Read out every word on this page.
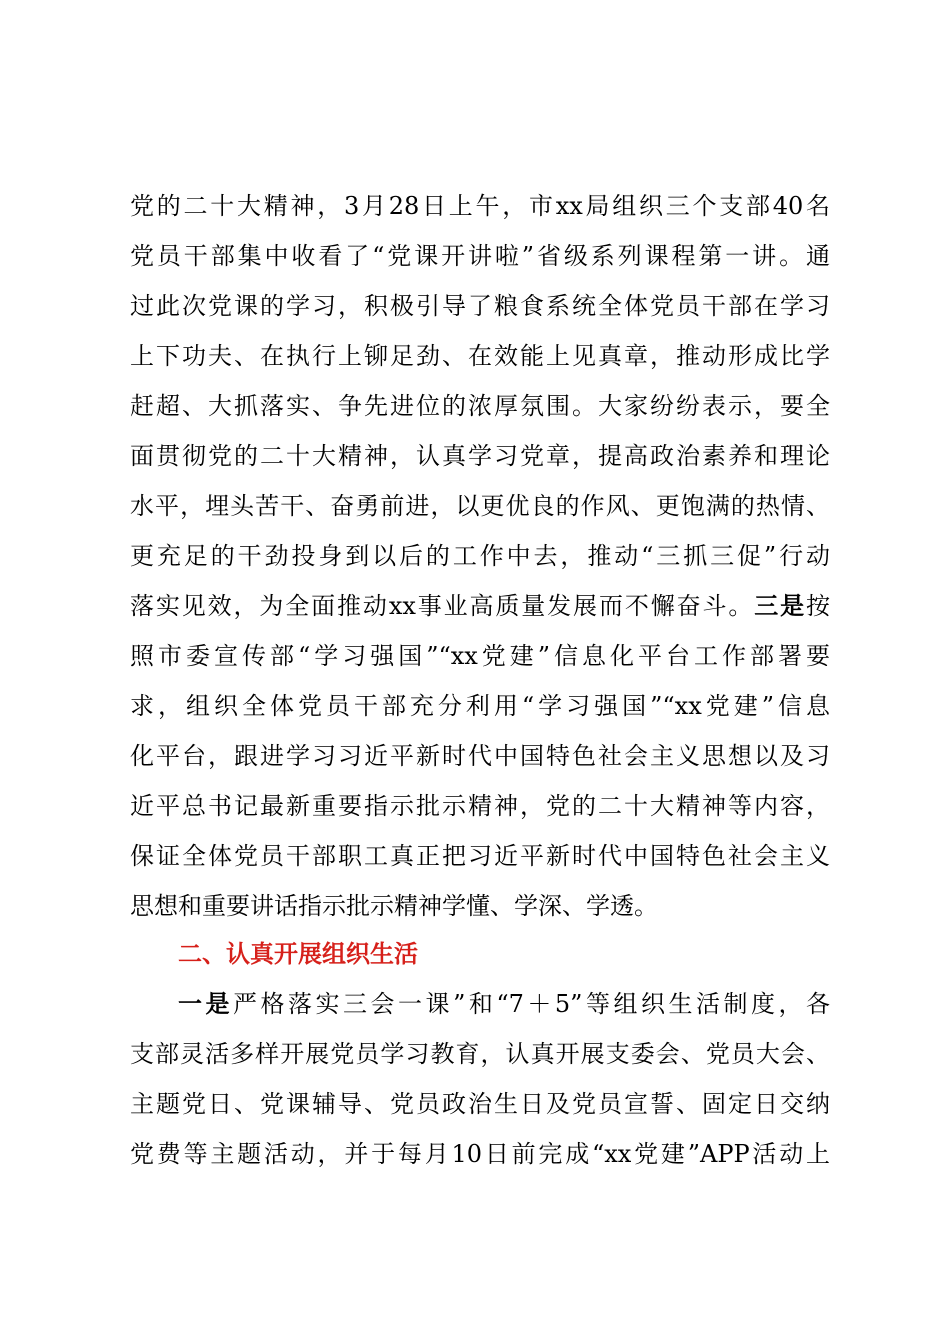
党的二十大精神，3月28日上午，市xx局组织三个支部40名
党员干部集中收看了“党课开讲啦”省级系列课程第一讲。通
过此次党课的学习，积极引导了粮食系统全体党员干部在学习
上下功夫、在执行上铆足劲、在效能上见真章，推动形成比学
赶超、大抓落实、争先进位的浓厚氛围。大家纷纷表示，要全
面贯彻党的二十大精神，认真学习党章，提高政治素养和理论
水平，埋头苦干、奋勇前进，以更优良的作风、更饱满的热情、
更充足的干劲投身到以后的工作中去，推动“三抓三促”行动
落实见效，为全面推动xx事业高质量发展而不懈奋斗。三是按
照市委宣传部“学习强国”“xx党建”信息化平台工作部署要
求，组织全体党员干部充分利用“学习强国”“xx党建”信息
化平台，跟进学习习近平新时代中国特色社会主义思想以及习
近平总书记最新重要指示批示精神，党的二十大精神等内容，
保证全体党员干部职工真正把习近平新时代中国特色社会主义
思想和重要讲话指示批示精神学懂、学深、学透。
二、认真开展组织生活
一是严格落实三会一课”和“7＋5”等组织生活制度，各
支部灵活多样开展党员学习教育，认真开展支委会、党员大会、
主题党日、党课辅导、党员政治生日及党员宣誓、固定日交纳
党费等主题活动，并于每月10日前完成“xx党建”APP活动上
